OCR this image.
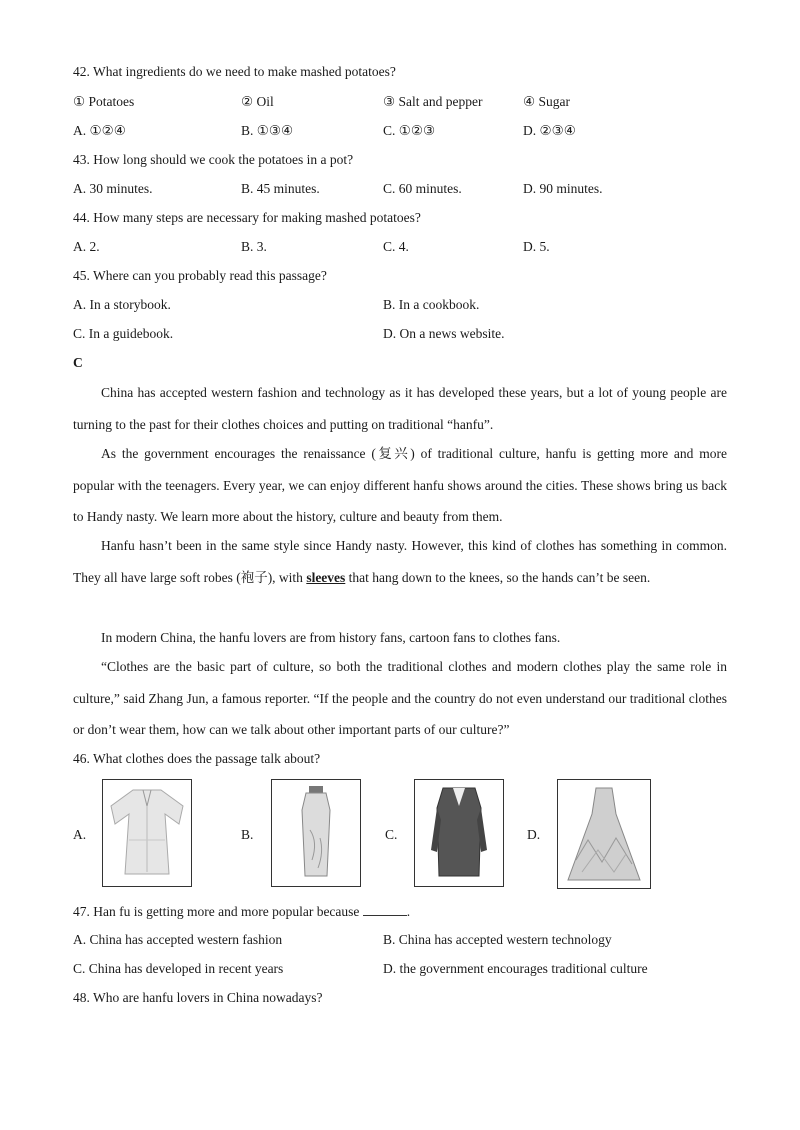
42. What ingredients do we need to make mashed potatoes?
① Potatoes	② Oil	③ Salt and pepper	④ Sugar
A. ①②④	B. ①③④	C. ①②③	D. ②③④
43. How long should we cook the potatoes in a pot?
A. 30 minutes.	B. 45 minutes.	C. 60 minutes.	D. 90 minutes.
44. How many steps are necessary for making mashed potatoes?
A. 2.	B. 3.	C. 4.	D. 5.
45. Where can you probably read this passage?
A. In a storybook.	B. In a cookbook.
C. In a guidebook.	D. On a news website.
C
China has accepted western fashion and technology as it has developed these years, but a lot of young people are turning to the past for their clothes choices and putting on traditional “hanfu”.
As the government encourages the renaissance (复兴) of traditional culture, hanfu is getting more and more popular with the teenagers. Every year, we can enjoy different hanfu shows around the cities. These shows bring us back to Handy nasty. We learn more about the history, culture and beauty from them.
Hanfu hasn’t been in the same style since Handy nasty. However, this kind of clothes has something in common. They all have large soft robes (袍子), with sleeves that hang down to the knees, so the hands can’t be seen.
In modern China, the hanfu lovers are from history fans, cartoon fans to clothes fans.
“Clothes are the basic part of culture, so both the traditional clothes and modern clothes play the same role in culture,” said Zhang Jun, a famous reporter. “If the people and the country do not even understand our traditional clothes or don’t wear them, how can we talk about other important parts of our culture?”
46. What clothes does the passage talk about?
A.	B.	C.	D.
47. Han fu is getting more and more popular because	.
A. China has accepted western fashion	B. China has accepted western technology
C. China has developed in recent years	D. the government encourages traditional culture
48. Who are hanfu lovers in China nowadays?
